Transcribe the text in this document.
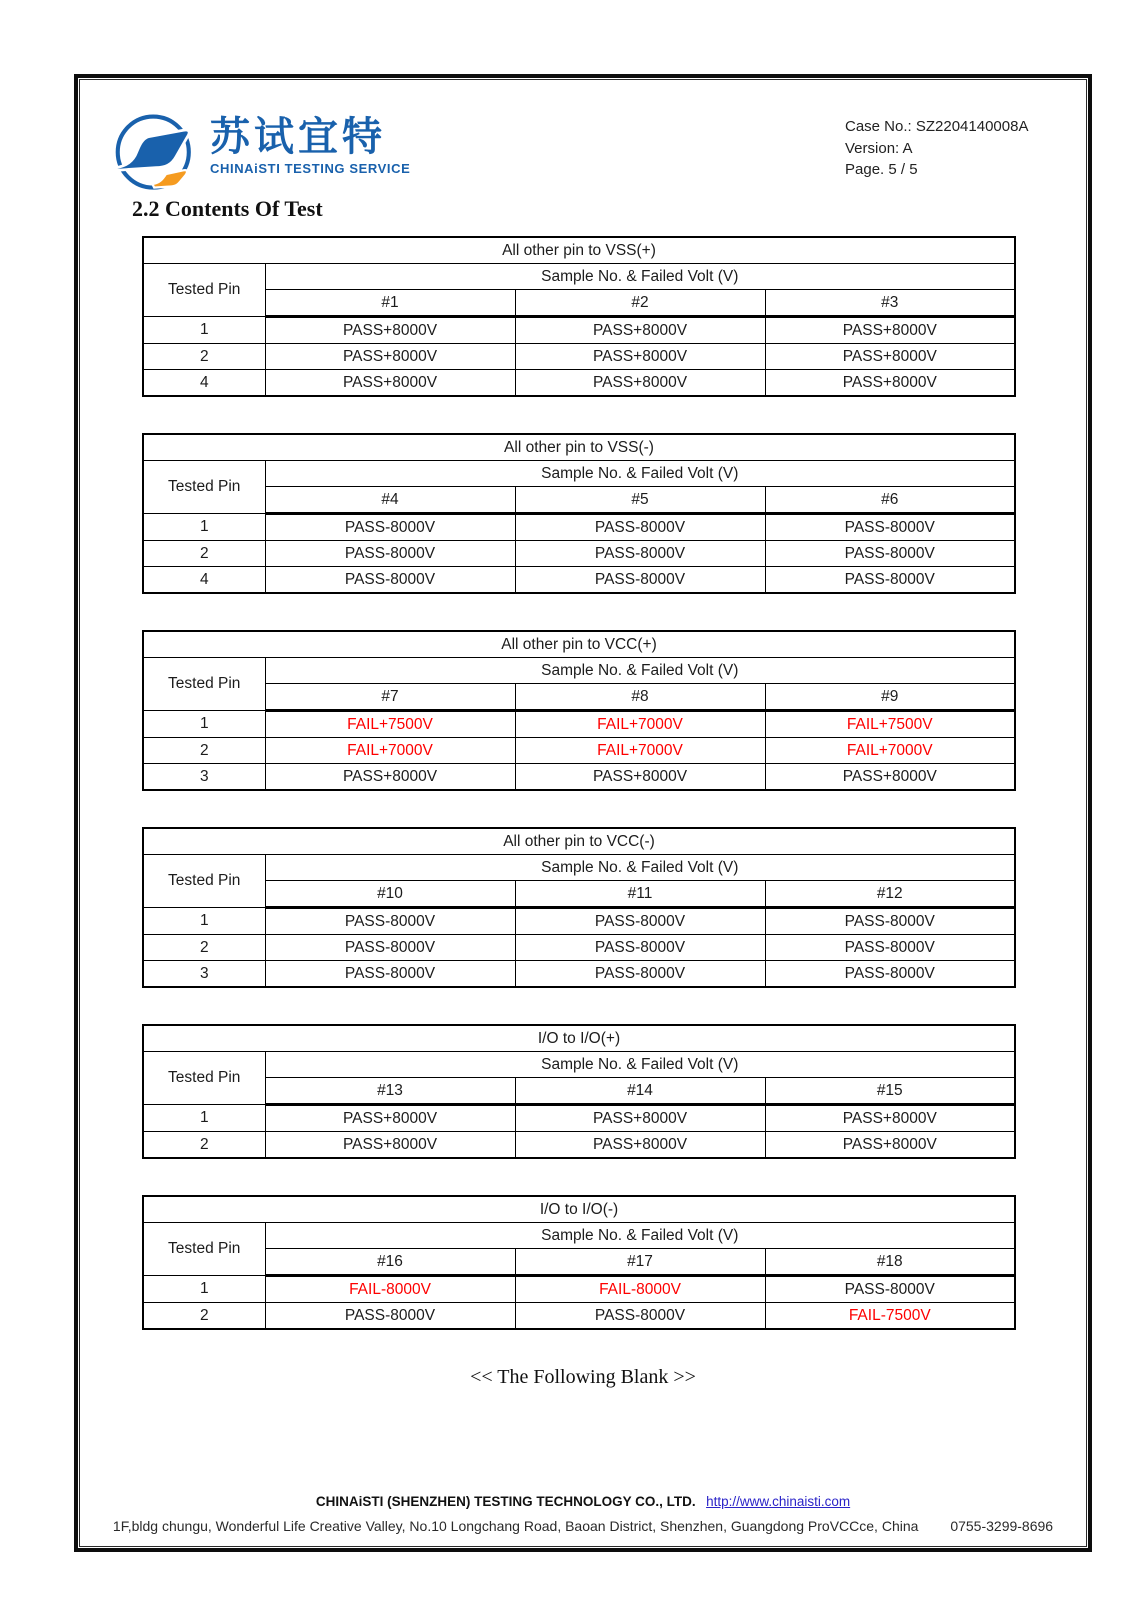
苏试宜特
CHINAiSTI TESTING SERVICE
Case No.: SZ2204140008A
Version: A
Page. 5 / 5
2.2 Contents Of Test
All other pin to VSS(+)			
Tested Pin	Sample No. & Failed Volt (V)		
	#1	#2	#3
1	PASS+8000V	PASS+8000V	PASS+8000V
2	PASS+8000V	PASS+8000V	PASS+8000V
4	PASS+8000V	PASS+8000V	PASS+8000V
All other pin to VSS(-)			
Tested Pin	Sample No. & Failed Volt (V)		
	#4	#5	#6
1	PASS-8000V	PASS-8000V	PASS-8000V
2	PASS-8000V	PASS-8000V	PASS-8000V
4	PASS-8000V	PASS-8000V	PASS-8000V
All other pin to VCC(+)			
Tested Pin	Sample No. & Failed Volt (V)		
	#7	#8	#9
1	FAIL+7500V	FAIL+7000V	FAIL+7500V
2	FAIL+7000V	FAIL+7000V	FAIL+7000V
3	PASS+8000V	PASS+8000V	PASS+8000V
All other pin to VCC(-)			
Tested Pin	Sample No. & Failed Volt (V)		
	#10	#11	#12
1	PASS-8000V	PASS-8000V	PASS-8000V
2	PASS-8000V	PASS-8000V	PASS-8000V
3	PASS-8000V	PASS-8000V	PASS-8000V
I/O to I/O(+)			
Tested Pin	Sample No. & Failed Volt (V)		
	#13	#14	#15
1	PASS+8000V	PASS+8000V	PASS+8000V
2	PASS+8000V	PASS+8000V	PASS+8000V
I/O to I/O(-)			
Tested Pin	Sample No. & Failed Volt (V)		
	#16	#17	#18
1	FAIL-8000V	FAIL-8000V	PASS-8000V
2	PASS-8000V	PASS-8000V	FAIL-7500V
<< The Following Blank >>
CHINAiSTI (SHENZHEN) TESTING TECHNOLOGY CO., LTD. http://www.chinaisti.com
1F,bldg chungu, Wonderful Life Creative Valley, No.10 Longchang Road, Baoan District, Shenzhen, Guangdong ProVCCce, China 0755-3299-8696
